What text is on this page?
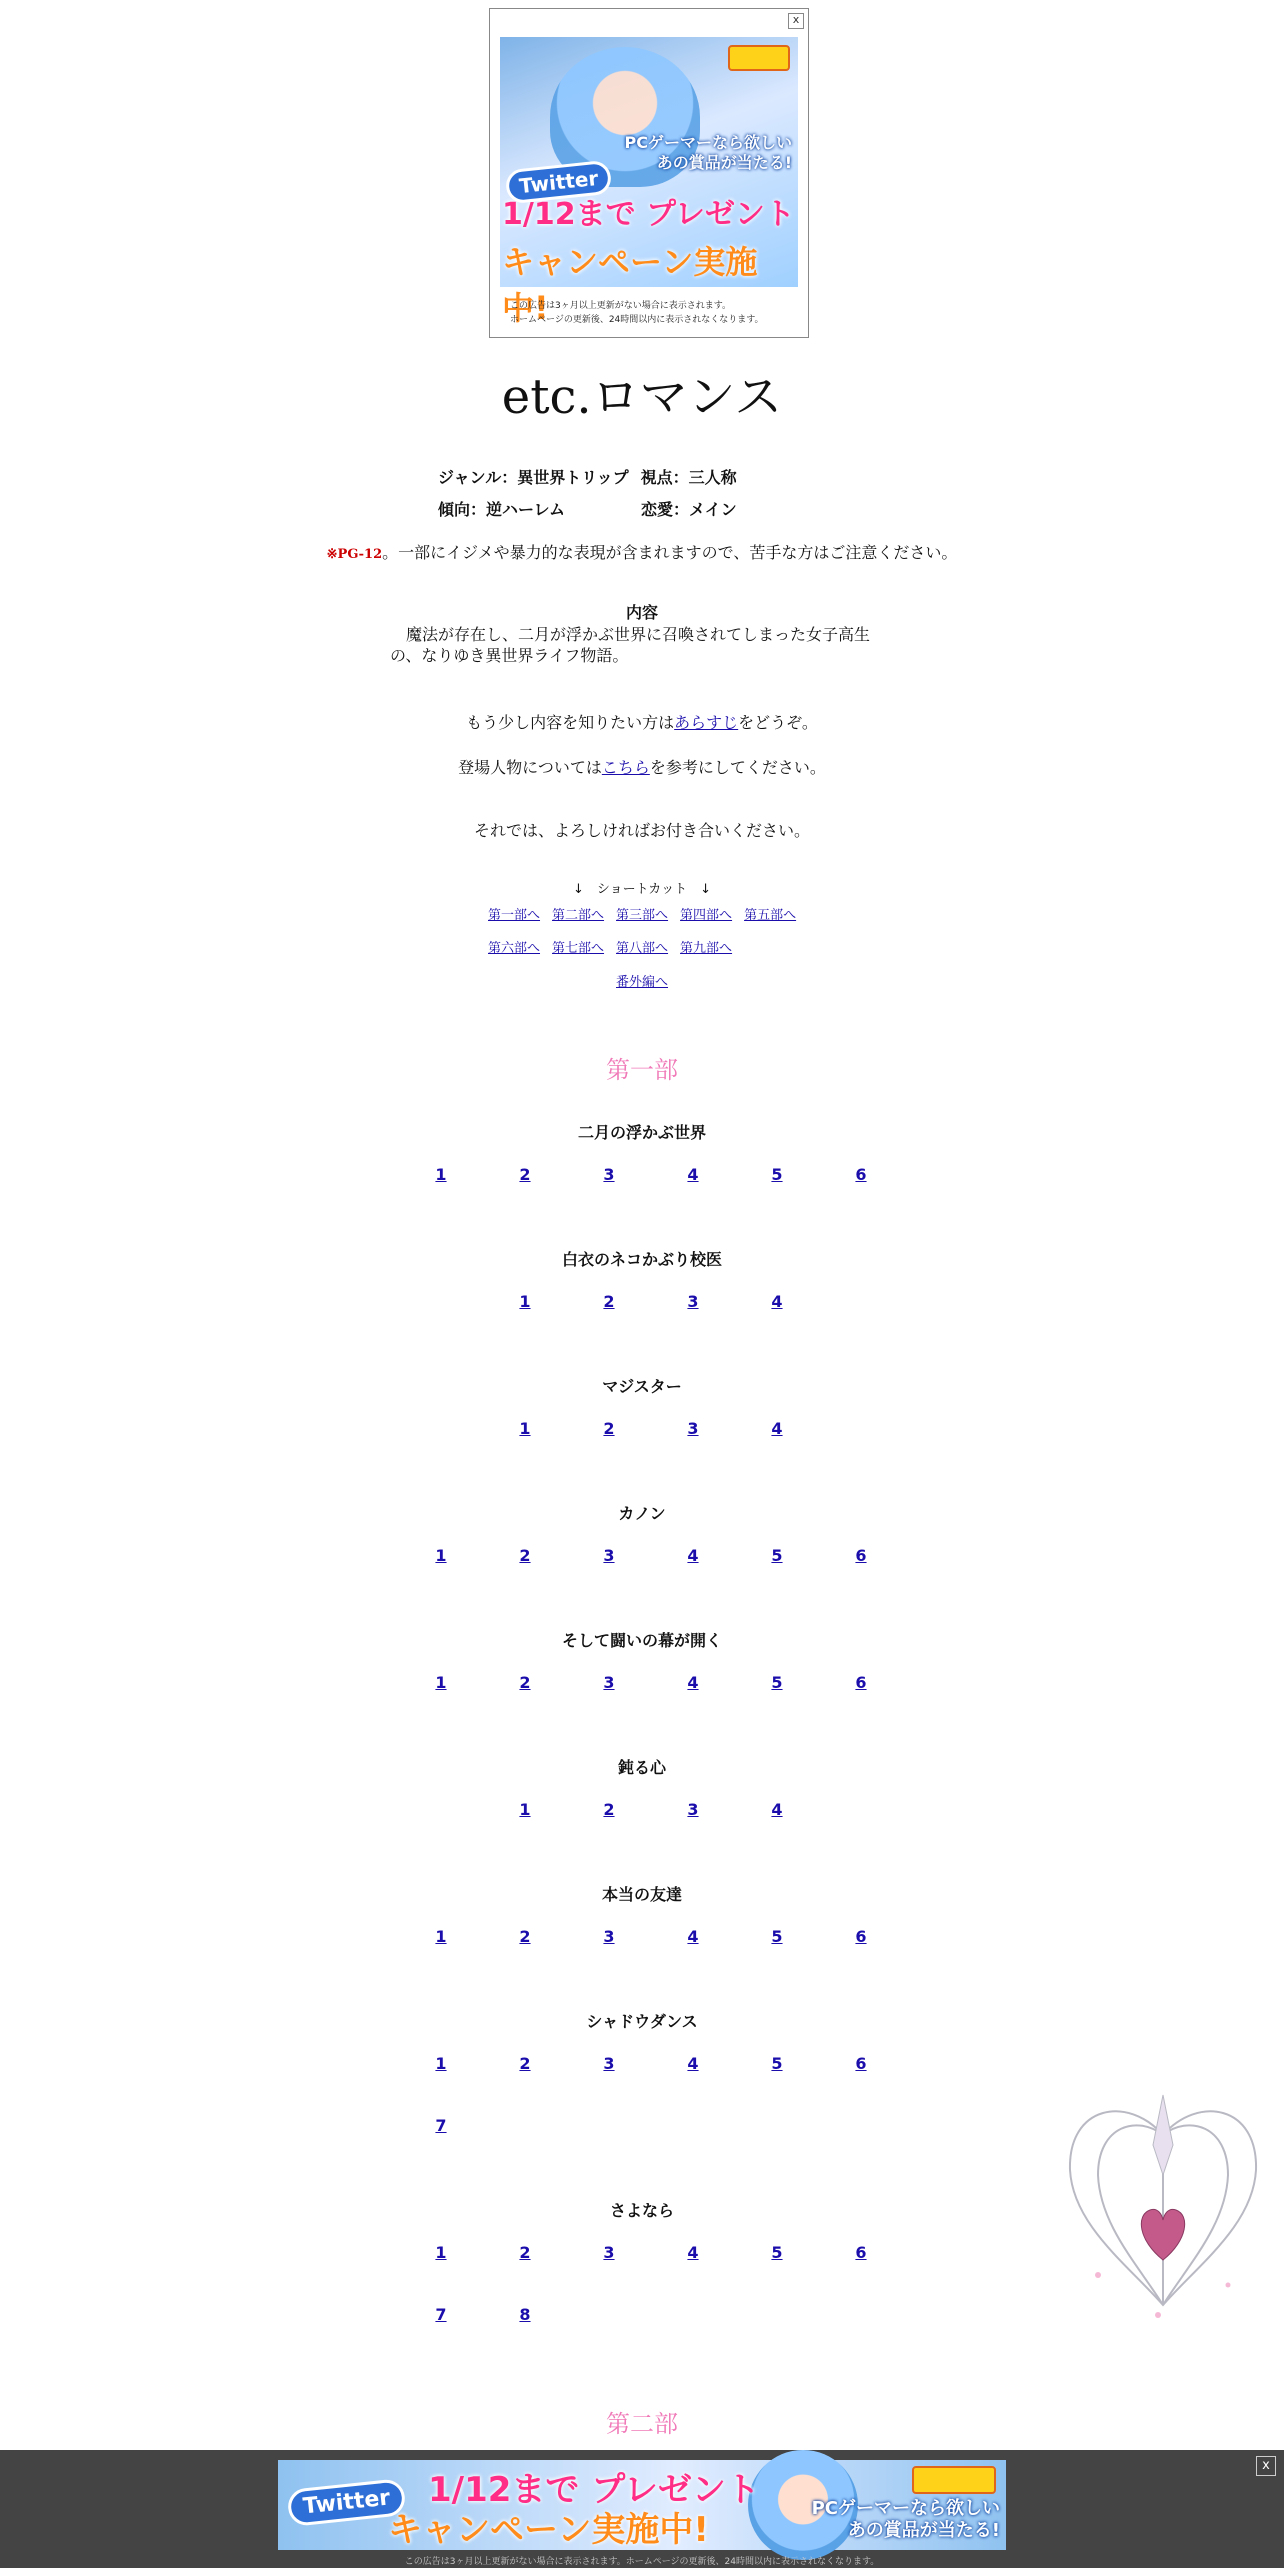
x
PCゲーマーなら欲しい
あの賞品が当たる!
Twitter
1/12まで プレゼント
キャンペーン実施中!
この広告は3ヶ月以上更新がない場合に表示されます。
ホームページの更新後、24時間以内に表示されなくなります。
etc.ロマンス
ジャンル：異世界トリップ 視点：三人称
傾向：逆ハーレム	恋愛：メイン
※PG-12。一部にイジメや暴力的な表現が含まれますので、苦手な方はご注意ください。
内容
　魔法が存在し、二月が浮かぶ世界に召喚されてしまった女子高生
の、なりゆき異世界ライフ物語。
もう少し内容を知りたい方はあらすじをどうぞ。
登場人物についてはこちらを参考にしてください。
それでは、よろしければお付き合いください。
↓　ショートカット　↓
第一部へ 第二部へ 第三部へ 第四部へ 第五部へ
第六部へ 第七部へ 第八部へ 第九部へ
番外編へ
第一部
二月の浮かぶ世界
1	2	3	4	5	6
白衣のネコかぶり校医
1	2	3	4
マジスター
1	2	3	4
カノン
1	2	3	4	5	6
そして闘いの幕が開く
1	2	3	4	5	6
鈍る心
1	2	3	4
本当の友達
1	2	3	4	5	6
シャドウダンス
1	2	3	4	5	6
7
さよなら
1	2	3	4	5	6
7	8
第二部
x
Twitter	1/12まで プレゼント
キャンペーン実施中!
PCゲーマーなら欲しい
あの賞品が当たる!
この広告は3ヶ月以上更新がない場合に表示されます。ホームページの更新後、24時間以内に表示されなくなります。
